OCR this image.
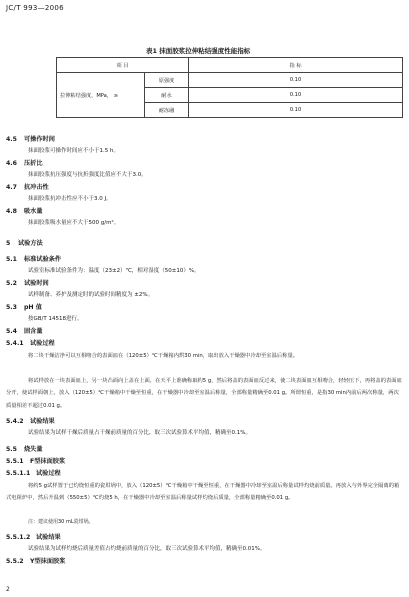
JC/T 993—2006
表1 抹面胶浆拉伸粘结强度性能指标
项 目		指 标
拉伸粘结强度，MPa， ≥	原强度	0.10
	耐水	0.10
	耐冻融	0.10
4.5 可操作时间
抹面胶浆可操作时间应不小于1.5 h。
4.6 压折比
抹面胶浆抗压强度与抗折强度比值应不大于3.0。
4.7 抗冲击性
抹面胶浆抗冲击性应不小于3.0 J。
4.8 吸水量
抹面胶浆吸水量应不大于500 g/m²。
5 试验方法
5.1 标准试验条件
试验室标准试验条件为：温度（23±2）℃，相对湿度（50±10）%。
5.2 试验时间
试样制备、养护及测定时的试验时间精度为 ±2%。
5.3 pH 值
按GB/T 14518进行。
5.4 固含量
5.4.1 试验过程
将二块干燥洁净可以互相吻合的表面皿在（120±5）℃干燥箱内烘30 min，取出放入干燥器中冷却至室温后称量。
将试样放在一块表面皿上，另一块凸面向上盖在上面，在天平上准确称取约5 g，然后将盖的表面皿反过来，使二块表面皿互相吻合，轻轻压下，再将盖的表面皿分开，使试样面朝上，放入（120±5）℃干燥箱中干燥至恒重，在干燥器中冷却至室温后称量，全部称量精确至0.01 g。所谓恒重，是指30 min内前后两次称量，两次质量相差不超过0.01 g。
5.4.2 试验结果
试验结果为试样干燥后质量占干燥前质量的百分比，取三次试验算术平均值，精确至0.1%。
5.5 烧失量
5.5.1 F型抹面胶浆
5.5.1.1 试验过程
将约5 g试样置于已灼烧恒重的瓷坩埚中，放入（120±5）℃干燥箱中干燥至恒重，在干燥器中冷却至室温后称量试样灼烧前质量。再放入与外界完全隔离的箱式电阻炉中，然后升温到（550±5）℃灼烧5 h，在干燥器中冷却至室温后称量试样灼烧后质量，全部称量精确至0.01 g。
注：建议使用30 mL瓷坩埚。
5.5.1.2 试验结果
试验结果为试样灼烧后质量差值占灼烧前质量的百分比，取三次试验算术平均值，精确至0.01%。
5.5.2 Y型抹面胶浆
2
